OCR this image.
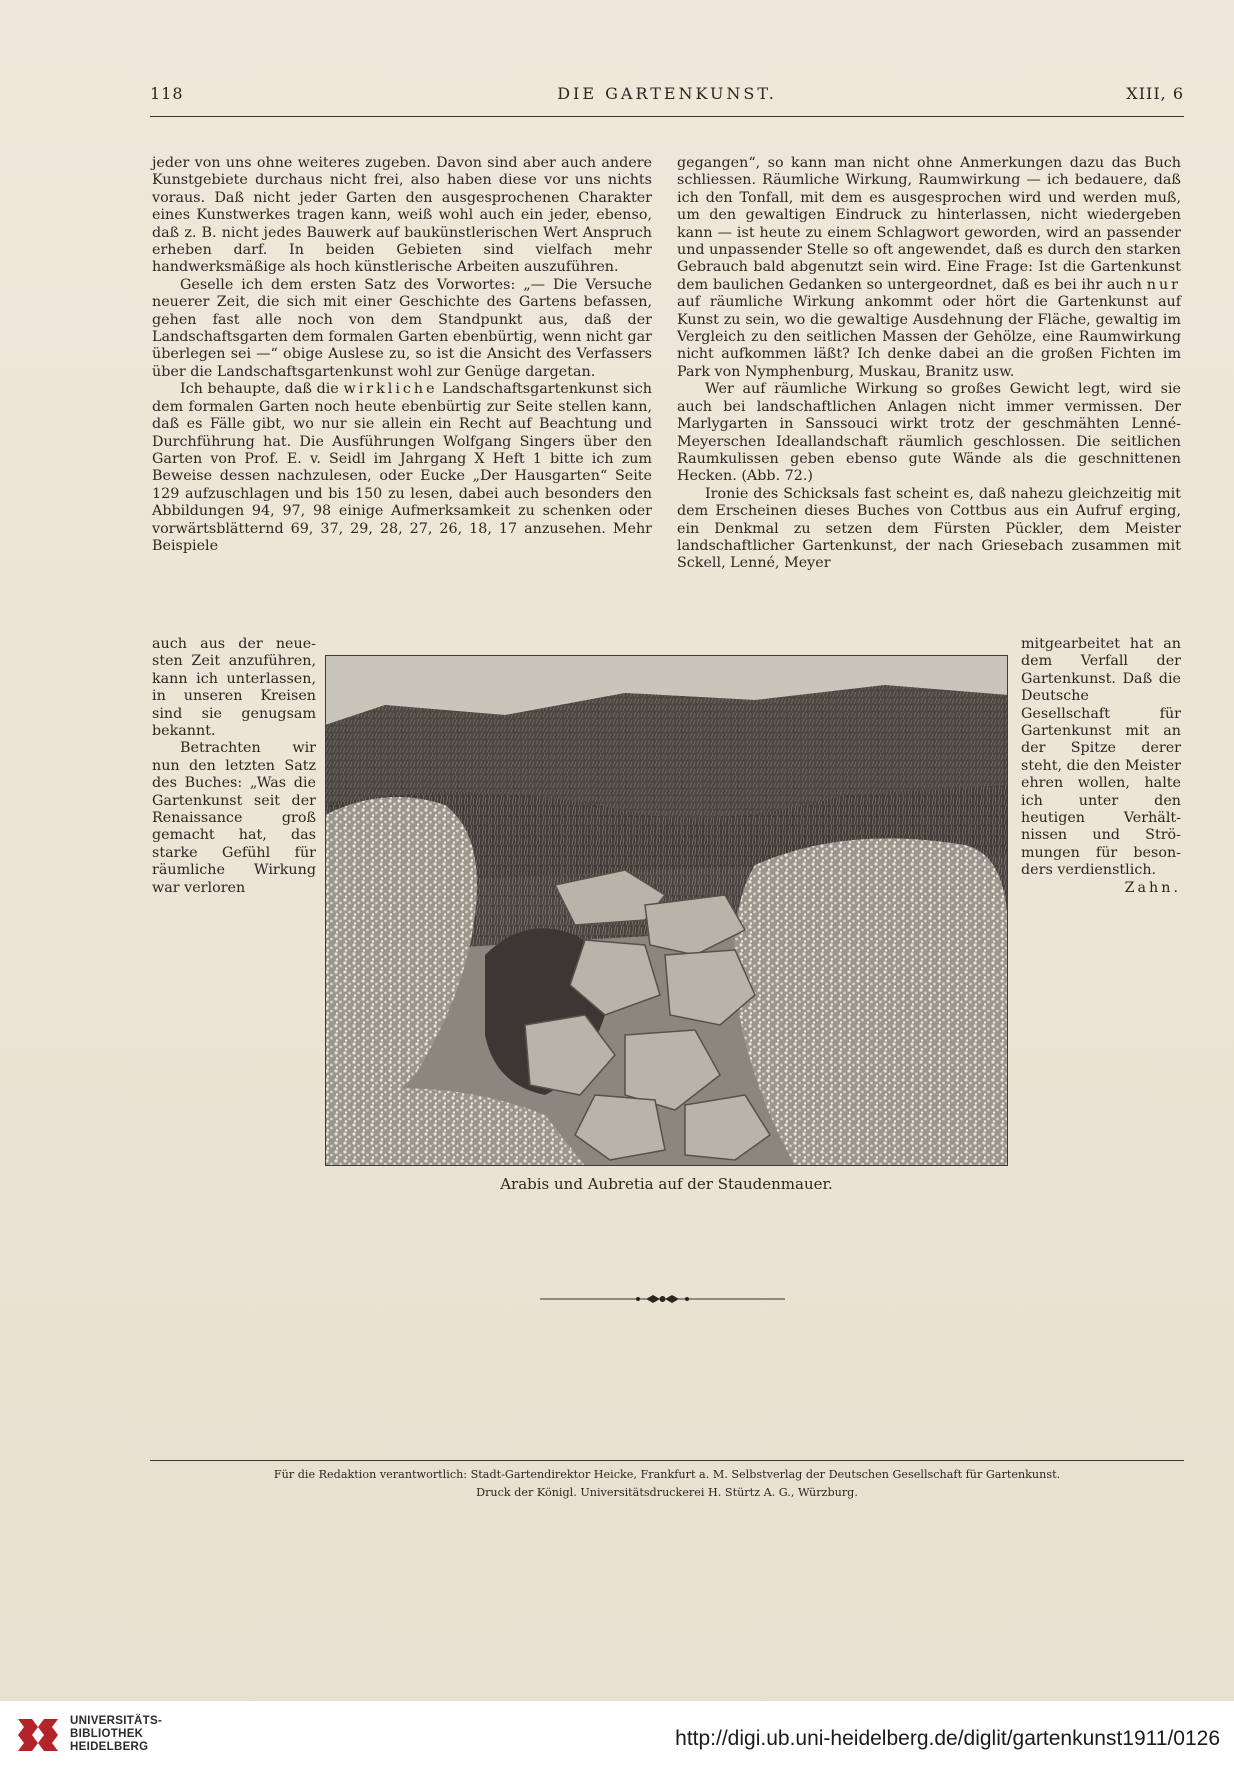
118	DIE GARTENKUNST.	XIII, 6

jeder von uns ohne weiteres zugeben. Davon sind aber auch andere Kunstgebiete durchaus nicht frei, also haben diese vor uns nichts voraus. Daß nicht jeder Garten den ausgesprochenen Charakter eines Kunstwerkes tragen kann, weiß wohl auch ein jeder, ebenso, daß z. B. nicht jedes Bauwerk auf baukünstlerischen Wert Anspruch erheben darf. In beiden Gebieten sind vielfach mehr handwerksmäßige als hoch künstlerische Arbeiten auszuführen.

Geselle ich dem ersten Satz des Vorwortes: „— Die Versuche neuerer Zeit, die sich mit einer Geschichte des Gartens befassen, gehen fast alle noch von dem Standpunkt aus, daß der Landschaftsgarten dem formalen Garten ebenbürtig, wenn nicht gar überlegen sei —“ obige Auslese zu, so ist die Ansicht des Verfassers über die Landschaftsgartenkunst wohl zur Genüge dargetan.

Ich behaupte, daß die wirkliche Landschaftsgartenkunst sich dem formalen Garten noch heute ebenbürtig zur Seite stellen kann, daß es Fälle gibt, wo nur sie allein ein Recht auf Beachtung und Durchführung hat. Die Ausführungen Wolfgang Singers über den Garten von Prof. E. v. Seidl im Jahrgang X Heft 1 bitte ich zum Beweise dessen nachzulesen, oder Eucke „Der Hausgarten“ Seite 129 aufzuschlagen und bis 150 zu lesen, dabei auch besonders den Abbildungen 94, 97, 98 einige Aufmerksamkeit zu schenken oder vorwärtsblätternd 69, 37, 29, 28, 27, 26, 18, 17 anzusehen. Mehr Beispiele

auch aus der neuesten Zeit anzuführen, kann ich unterlassen, in unseren Kreisen sind sie genugsam bekannt.

Betrachten wir nun den letzten Satz des Buches: „Was die Gartenkunst seit der Renaissance groß gemacht hat, das starke Gefühl für räumliche Wirkung war verloren

gegangen“, so kann man nicht ohne Anmerkungen dazu das Buch schliessen. Räumliche Wirkung, Raumwirkung — ich bedauere, daß ich den Tonfall, mit dem es ausgesprochen wird und werden muß, um den gewaltigen Eindruck zu hinterlassen, nicht wiedergeben kann — ist heute zu einem Schlagwort geworden, wird an passender und unpassender Stelle so oft angewendet, daß es durch den starken Gebrauch bald abgenutzt sein wird. Eine Frage: Ist die Gartenkunst dem baulichen Gedanken so untergeordnet, daß es bei ihr auch nur auf räumliche Wirkung ankommt oder hört die Gartenkunst auf Kunst zu sein, wo die gewaltige Ausdehnung der Fläche, gewaltig im Vergleich zu den seitlichen Massen der Gehölze, eine Raumwirkung nicht aufkommen läßt? Ich denke dabei an die großen Fichten im Park von Nymphenburg, Muskau, Branitz usw.

Wer auf räumliche Wirkung so großes Gewicht legt, wird sie auch bei landschaftlichen Anlagen nicht immer vermissen. Der Marlygarten in Sanssouci wirkt trotz der geschmähten Lenné-Meyerschen Ideallandschaft räumlich geschlossen. Die seitlichen Raumkulissen geben ebenso gute Wände als die geschnittenen Hecken. (Abb. 72.)

Ironie des Schicksals fast scheint es, daß nahezu gleichzeitig mit dem Erscheinen dieses Buches von Cottbus aus ein Aufruf erging, ein Denkmal zu setzen dem Fürsten Pückler, dem Meister landschaftlicher Gartenkunst, der nach Griesebach zusammen mit Sckell, Lenné, Meyer

mitgearbeitet hat an dem Verfall der Gartenkunst. Daß die Deutsche Gesellschaft für Gartenkunst mit an der Spitze derer steht, die den Meister ehren wollen, halte ich unter den heutigen Verhältnissen und Strömungen für besonders verdienstlich.

Zahn.

Arabis und Aubretia auf der Staudenmauer.
Für die Redaktion verantwortlich: Stadt-Gartendirektor Heicke, Frankfurt a. M. Selbstverlag der Deutschen Gesellschaft für Gartenkunst.
Druck der Königl. Universitätsdruckerei H. Stürtz A. G., Würzburg.
UNIVERSITÄTS-
BIBLIOTHEK
HEIDELBERG	http://digi.ub.uni-heidelberg.de/diglit/gartenkunst1911/0126
